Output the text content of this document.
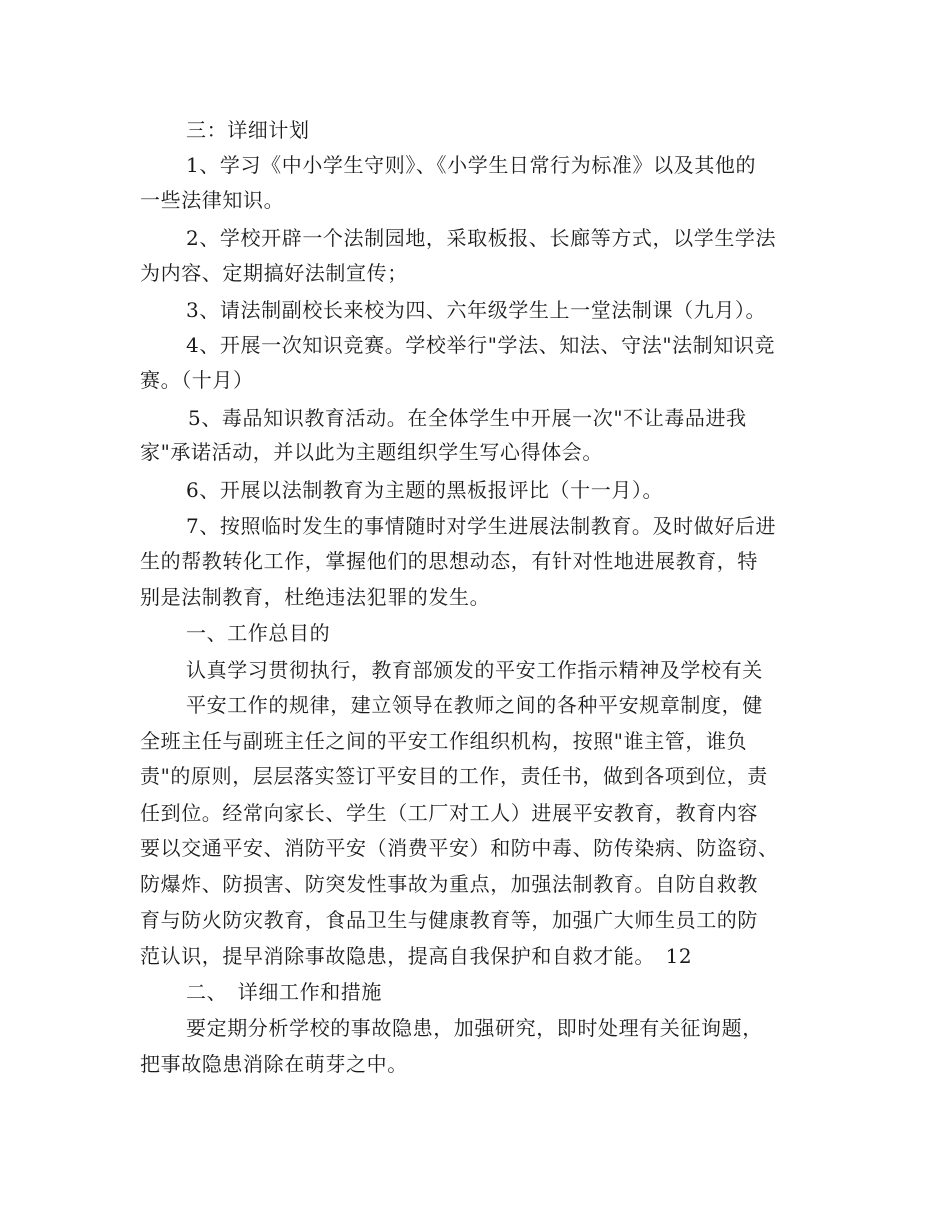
三：详细计划
1、学习《中小学生守则》、《小学生日常行为标准》以及其他的
一些法律知识。
2、学校开辟一个法制园地，采取板报、长廊等方式，以学生学法
为内容、定期搞好法制宣传；
3、请法制副校长来校为四、六年级学生上一堂法制课（九月）。
4、开展一次知识竞赛。学校举行"学法、知法、守法"法制知识竞
赛。（十月）
5、毒品知识教育活动。在全体学生中开展一次"不让毒品进我
家"承诺活动，并以此为主题组织学生写心得体会。
6、开展以法制教育为主题的黑板报评比（十一月）。
7、按照临时发生的事情随时对学生进展法制教育。及时做好后进
生的帮教转化工作，掌握他们的思想动态，有针对性地进展教育，特
别是法制教育，杜绝违法犯罪的发生。
一、工作总目的
认真学习贯彻执行，教育部颁发的平安工作指示精神及学校有关
平安工作的规律，建立领导在教师之间的各种平安规章制度，健
全班主任与副班主任之间的平安工作组织机构，按照"谁主管，谁负
责"的原则，层层落实签订平安目的工作，责任书，做到各项到位，责
任到位。经常向家长、学生（工厂对工人）进展平安教育，教育内容
要以交通平安、消防平安（消费平安）和防中毒、防传染病、防盗窃、
防爆炸、防损害、防突发性事故为重点，加强法制教育。自防自救教
育与防火防灾教育，食品卫生与健康教育等，加强广大师生员工的防
范认识，提早消除事故隐患，提高自我保护和自救才能。　12
二、　详细工作和措施
要定期分析学校的事故隐患，加强研究，即时处理有关征询题，
把事故隐患消除在萌芽之中。
